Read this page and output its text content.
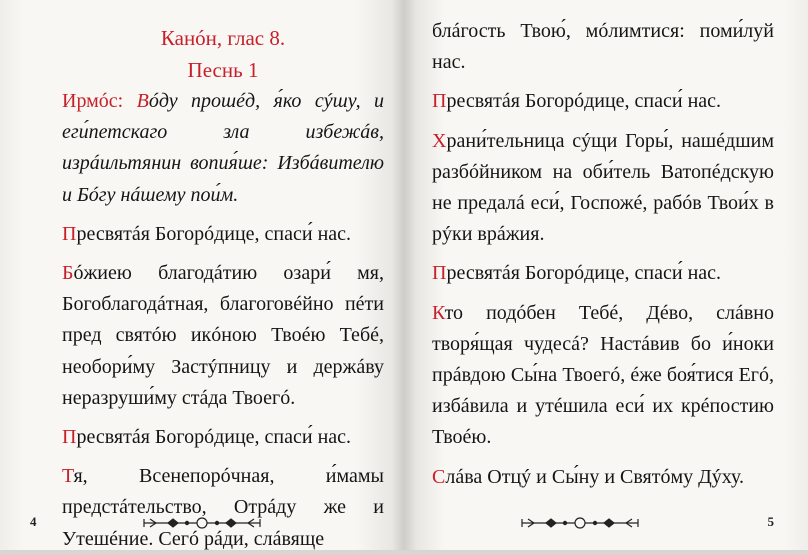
Канóн, глас 8.

Песнь 1

Ирмóс: Вóду прошéд, я́ко сýшу, и еги́петскаго зла избежáв, изрáильтянин вопия́ше: Избáвителю и Бóгу нáшему пои́м.

Пресвятáя Богорóдице, спаси́ нас.

Бóжиею благодáтию озари́ мя, Богоблагодáтная, благоговéйно пéти пред святóю икóною Твоéю Тебé, необори́му Застýпницу и держáву неразруши́му стáда Твоегó.

Пресвятáя Богорóдице, спаси́ нас.

Тя, Всенепорóчная, и́мамы предстáтельство, Отрáду же и Утешéние. Сегó рáди, слáвяще

4

блáгость Твою́, мóлимтися: поми́луй нас.

Пресвятáя Богорóдице, спаси́ нас.

Храни́тельница сýщи Горы́, нашéдшим разбóйником на оби́тель Ватопéдскую не предалá еси́, Госпожé, рабóв Твои́х в рýки врáжия.

Пресвятáя Богорóдице, спаси́ нас.

Кто подóбен Тебé, Дéво, слáвно творя́щая чудесá? Настáвив бо и́ноки прáвдою Сы́на Твоегó, éже боя́тися Егó, избáвила и утéшила еси́ их крéпостию Твоéю.

Слáва Отцý и Сы́ну и Святóму Дýху.

5
